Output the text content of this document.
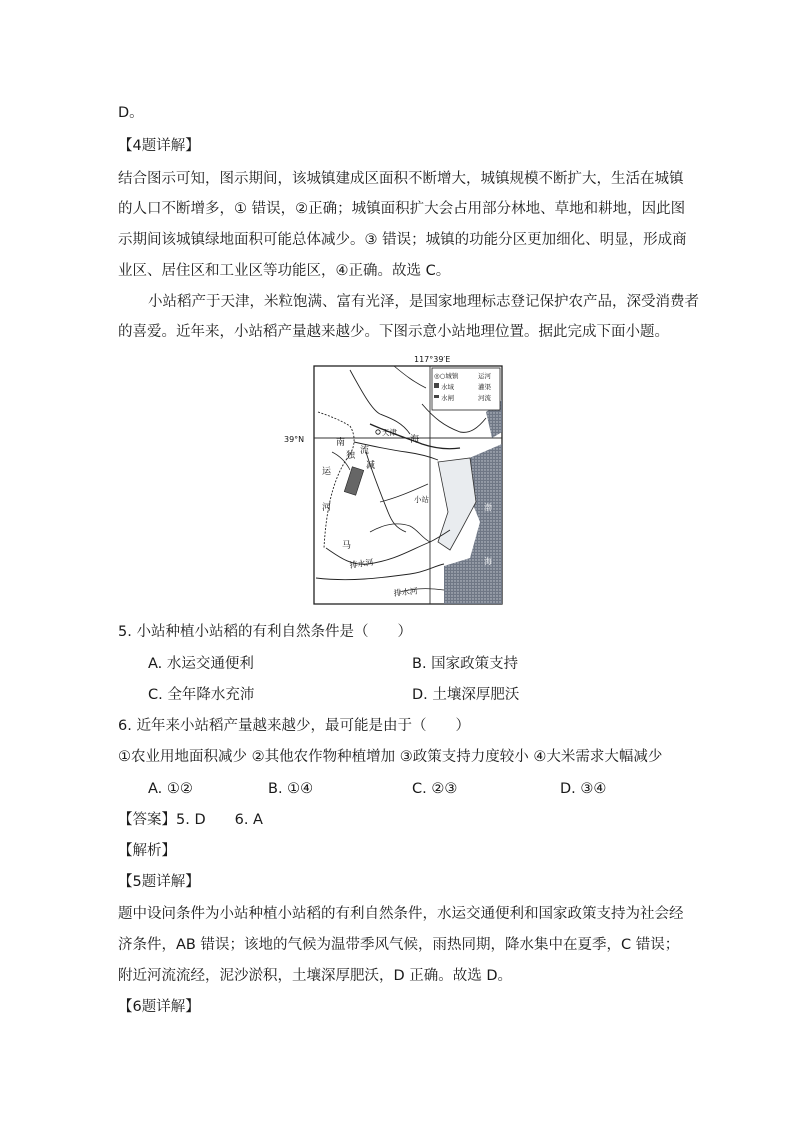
D。
【4题详解】
结合图示可知，图示期间，该城镇建成区面积不断增大，城镇规模不断扩大，生活在城镇
的人口不断增多，① 错误，②正确；城镇面积扩大会占用部分林地、草地和耕地，因此图
示期间该城镇绿地面积可能总体减少。③ 错误；城镇的功能分区更加细化、明显，形成商
业区、居住区和工业区等功能区，④正确。故选 C。
小站稻产于天津，米粒饱满、富有光泽，是国家地理标志登记保护农产品，深受消费者
的喜爱。近年来，小站稻产量越来越少。下图示意小站地理位置。据此完成下面小题。
117°39′E
39°N
◎○城镇	运河
水域	灌渠
水闸	河流
天津
南
运
河
独 流
减
马
海
小站
排水河
排水河
渤
海
5. 小站种植小站稻的有利自然条件是（　　）
A. 水运交通便利	B. 国家政策支持
C. 全年降水充沛	D. 土壤深厚肥沃
6. 近年来小站稻产量越来越少，最可能是由于（　　）
①农业用地面积减少 ②其他农作物种植增加 ③政策支持力度较小 ④大米需求大幅减少
A. ①②	B. ①④	C. ②③	D. ③④
【答案】5. D　　6. A
【解析】
【5题详解】
题中设问条件为小站种植小站稻的有利自然条件，水运交通便利和国家政策支持为社会经
济条件，AB 错误；该地的气候为温带季风气候，雨热同期，降水集中在夏季，C 错误；
附近河流流经，泥沙淤积，土壤深厚肥沃，D 正确。故选 D。
【6题详解】
